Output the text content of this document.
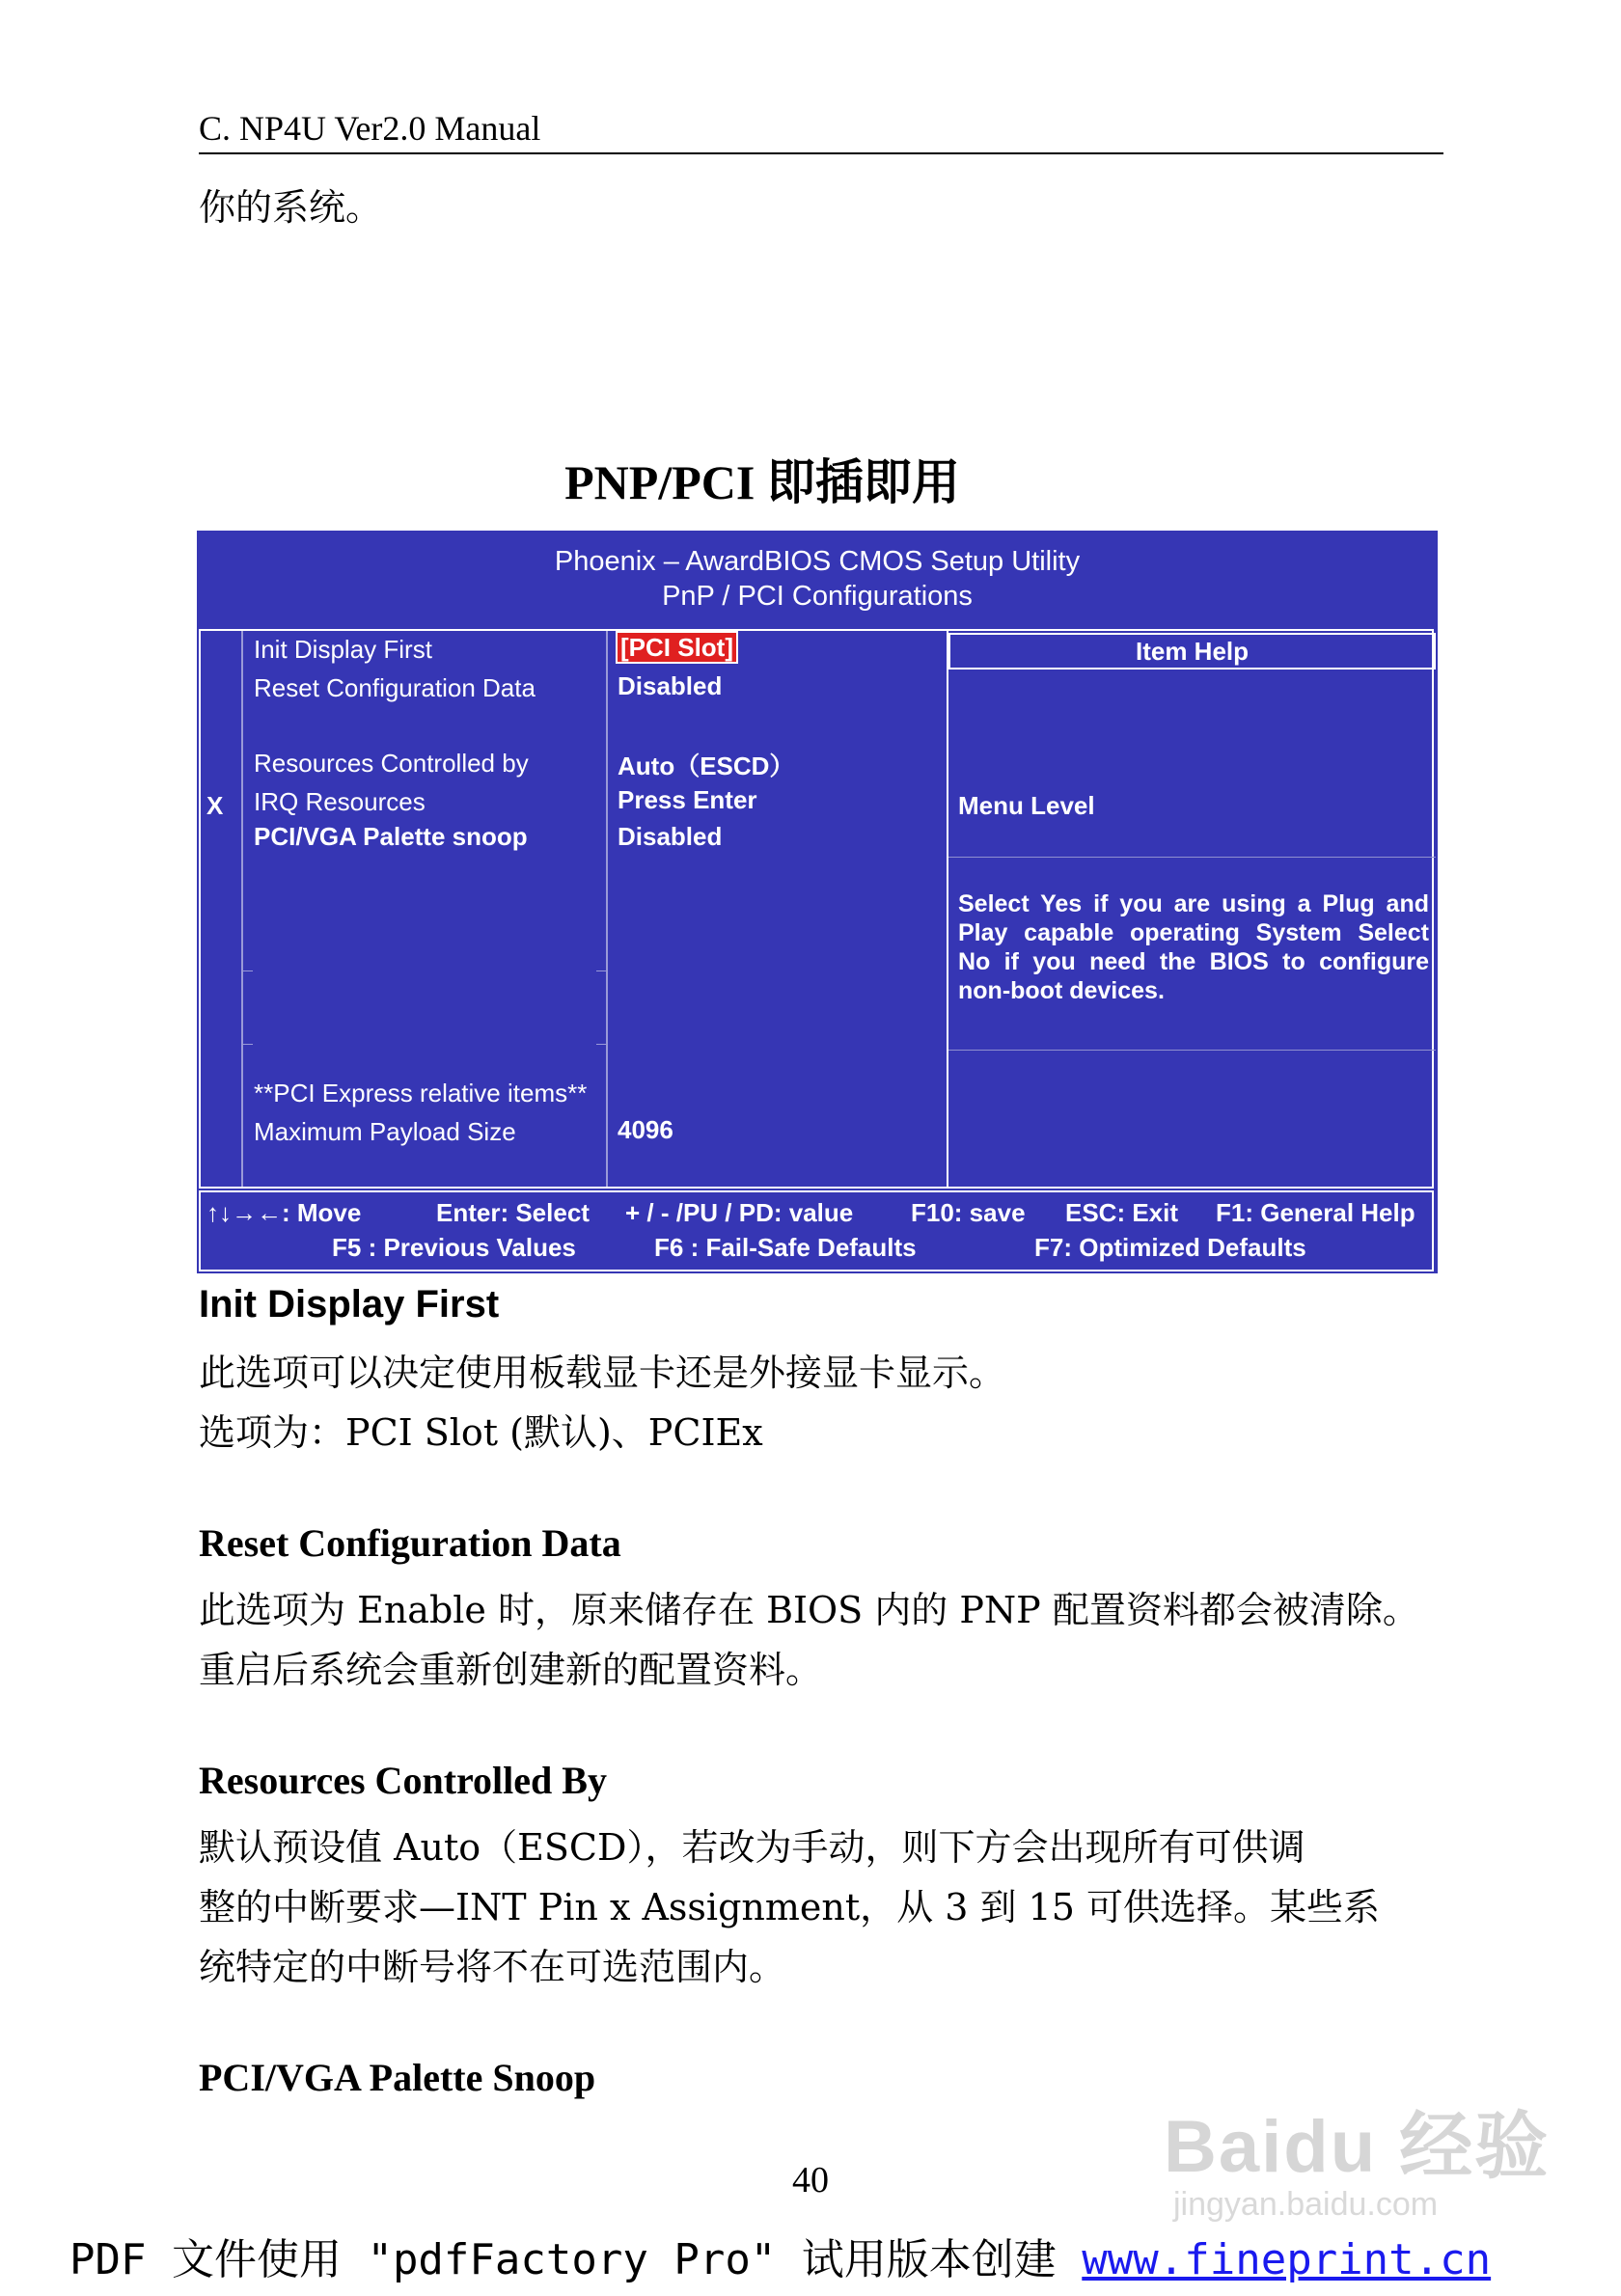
C. NP4U Ver2.0 Manual
你的系统。
PNP/PCI 即插即用
Phoenix – AwardBIOS CMOS Setup Utility
PnP / PCI Configurations
X
Init Display First	[PCI Slot]
Reset Configuration Data	Disabled
Resources Controlled by	Auto（ESCD）
IRQ Resources	Press Enter
PCI/VGA Palette snoop	Disabled
**PCI Express relative items**
Maximum Payload Size	4096
Item Help
Menu Level
Select Yes if you are using a Plug and Play capable operating System Select No if you need the BIOS to configure non-boot devices.
↑↓→←: Move	Enter: Select + / - /PU / PD: value F10: save ESC: Exit F1: General Help
F5 : Previous Values	F6 : Fail-Safe Defaults	F7: Optimized Defaults
Init Display First
此选项可以决定使用板载显卡还是外接显卡显示。
选项为：PCI Slot (默认)、PCIEx
Reset Configuration Data
此选项为 Enable 时，原来储存在 BIOS 内的 PNP 配置资料都会被清除。
重启后系统会重新创建新的配置资料。
Resources Controlled By
默认预设值 Auto（ESCD），若改为手动，则下方会出现所有可供调
整的中断要求—INT Pin x Assignment，从 3 到 15 可供选择。某些系
统特定的中断号将不在可选范围内。
PCI/VGA Palette Snoop
Baidu 经验
jingyan.baidu.com
40
PDF 文件使用 "pdfFactory Pro" 试用版本创建 www.fineprint.cn
